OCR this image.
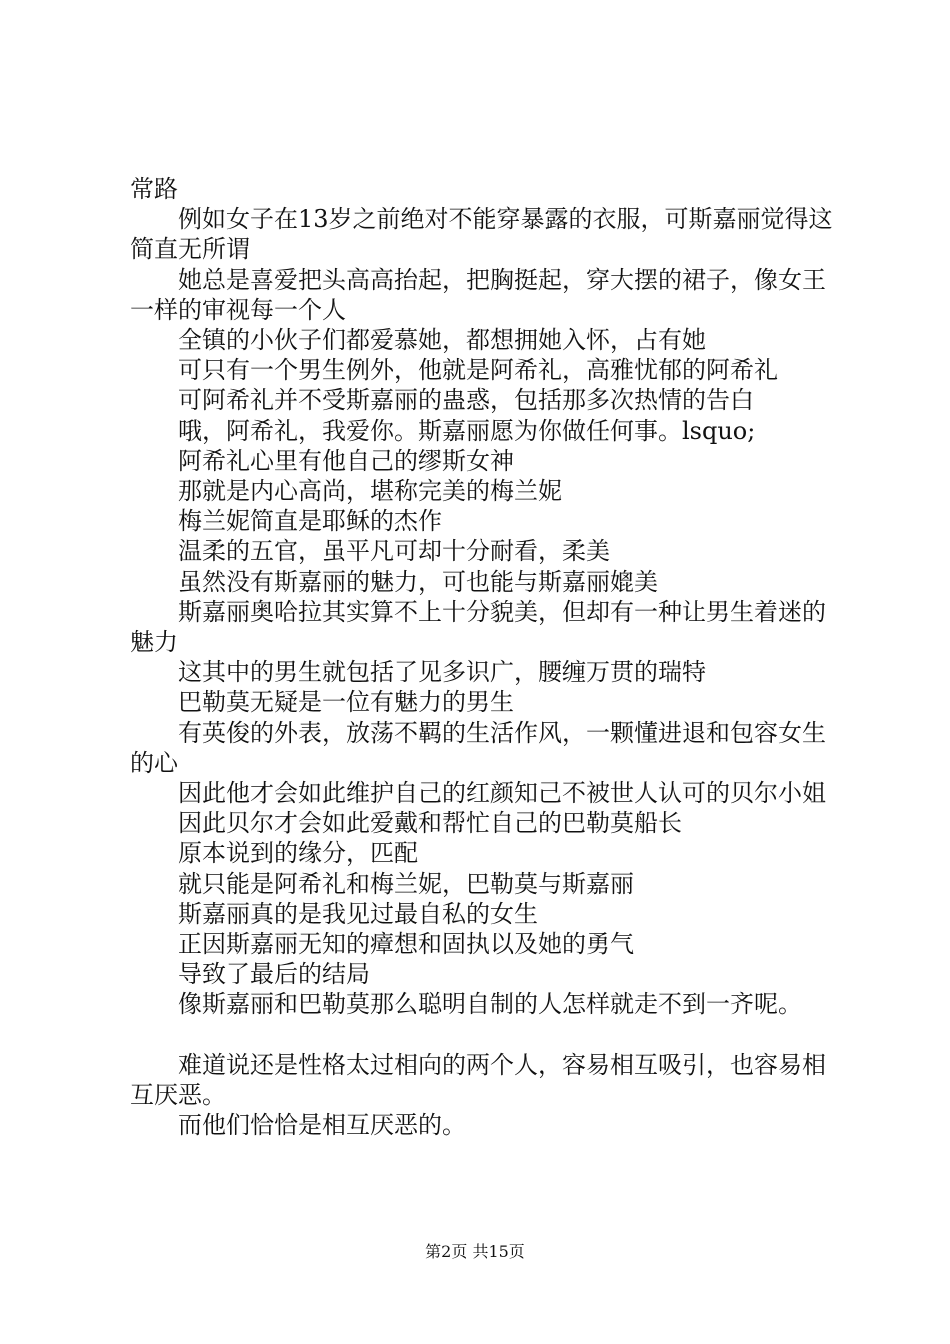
常路

例如女子在13岁之前绝对不能穿暴露的衣服，可斯嘉丽觉得这简直无所谓

她总是喜爱把头高高抬起，把胸挺起，穿大摆的裙子，像女王一样的审视每一个人

全镇的小伙子们都爱慕她，都想拥她入怀，占有她

可只有一个男生例外，他就是阿希礼，高雅忧郁的阿希礼

可阿希礼并不受斯嘉丽的蛊惑，包括那多次热情的告白

哦，阿希礼，我爱你。斯嘉丽愿为你做任何事。lsquo;

阿希礼心里有他自己的缪斯女神

那就是内心高尚，堪称完美的梅兰妮

梅兰妮简直是耶稣的杰作

温柔的五官，虽平凡可却十分耐看，柔美

虽然没有斯嘉丽的魅力，可也能与斯嘉丽媲美

斯嘉丽奥哈拉其实算不上十分貌美，但却有一种让男生着迷的魅力

这其中的男生就包括了见多识广，腰缠万贯的瑞特

巴勒莫无疑是一位有魅力的男生

有英俊的外表，放荡不羁的生活作风，一颗懂进退和包容女生的心

因此他才会如此维护自己的红颜知己不被世人认可的贝尔小姐

因此贝尔才会如此爱戴和帮忙自己的巴勒莫船长

原本说到的缘分，匹配

就只能是阿希礼和梅兰妮，巴勒莫与斯嘉丽

斯嘉丽真的是我见过最自私的女生

正因斯嘉丽无知的瘴想和固执以及她的勇气

导致了最后的结局

像斯嘉丽和巴勒莫那么聪明自制的人怎样就走不到一齐呢。

难道说还是性格太过相向的两个人，容易相互吸引，也容易相互厌恶。

而他们恰恰是相互厌恶的。

第2页 共15页
